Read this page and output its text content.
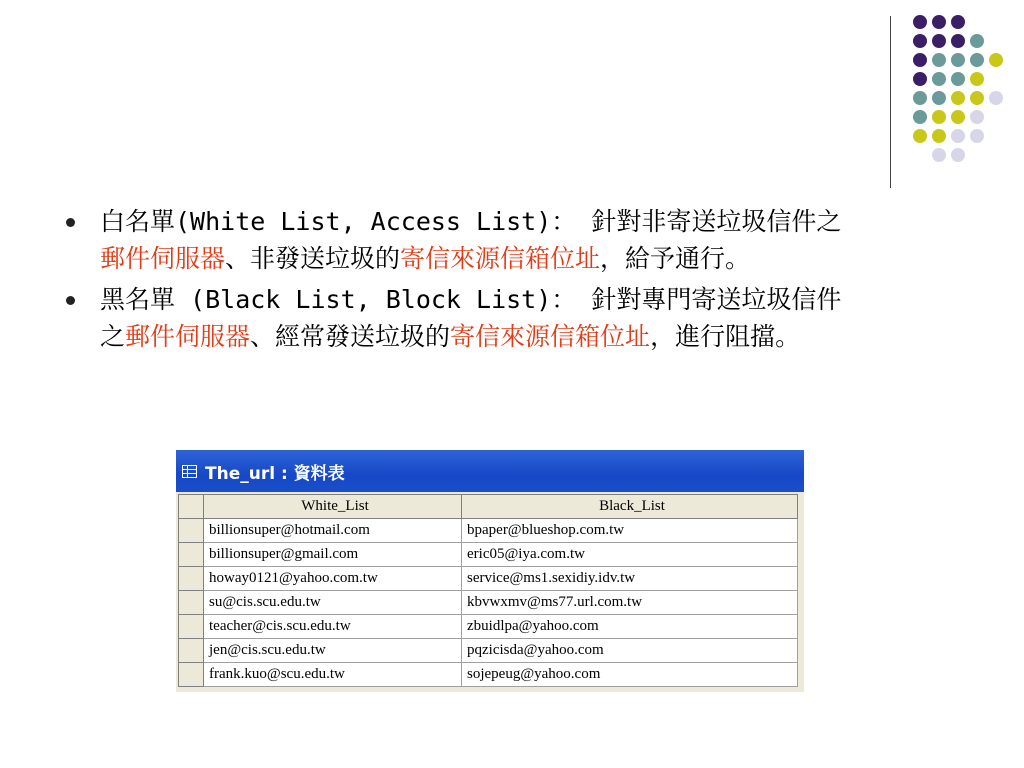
白名單(White List, Access List)： 針對非寄送垃圾信件之郵件伺服器、非發送垃圾的寄信來源信箱位址，給予通行。
黑名單 (Black List, Block List)： 針對專門寄送垃圾信件之郵件伺服器、經常發送垃圾的寄信來源信箱位址，進行阻擋。
The_url : 資料表
	White_List	Black_List
	billionsuper@hotmail.com	bpaper@blueshop.com.tw
	billionsuper@gmail.com	eric05@iya.com.tw
	howay0121@yahoo.com.tw	service@ms1.sexidiy.idv.tw
	su@cis.scu.edu.tw	kbvwxmv@ms77.url.com.tw
	teacher@cis.scu.edu.tw	zbuidlpa@yahoo.com
	jen@cis.scu.edu.tw	pqzicisda@yahoo.com
	frank.kuo@scu.edu.tw	sojepeug@yahoo.com
